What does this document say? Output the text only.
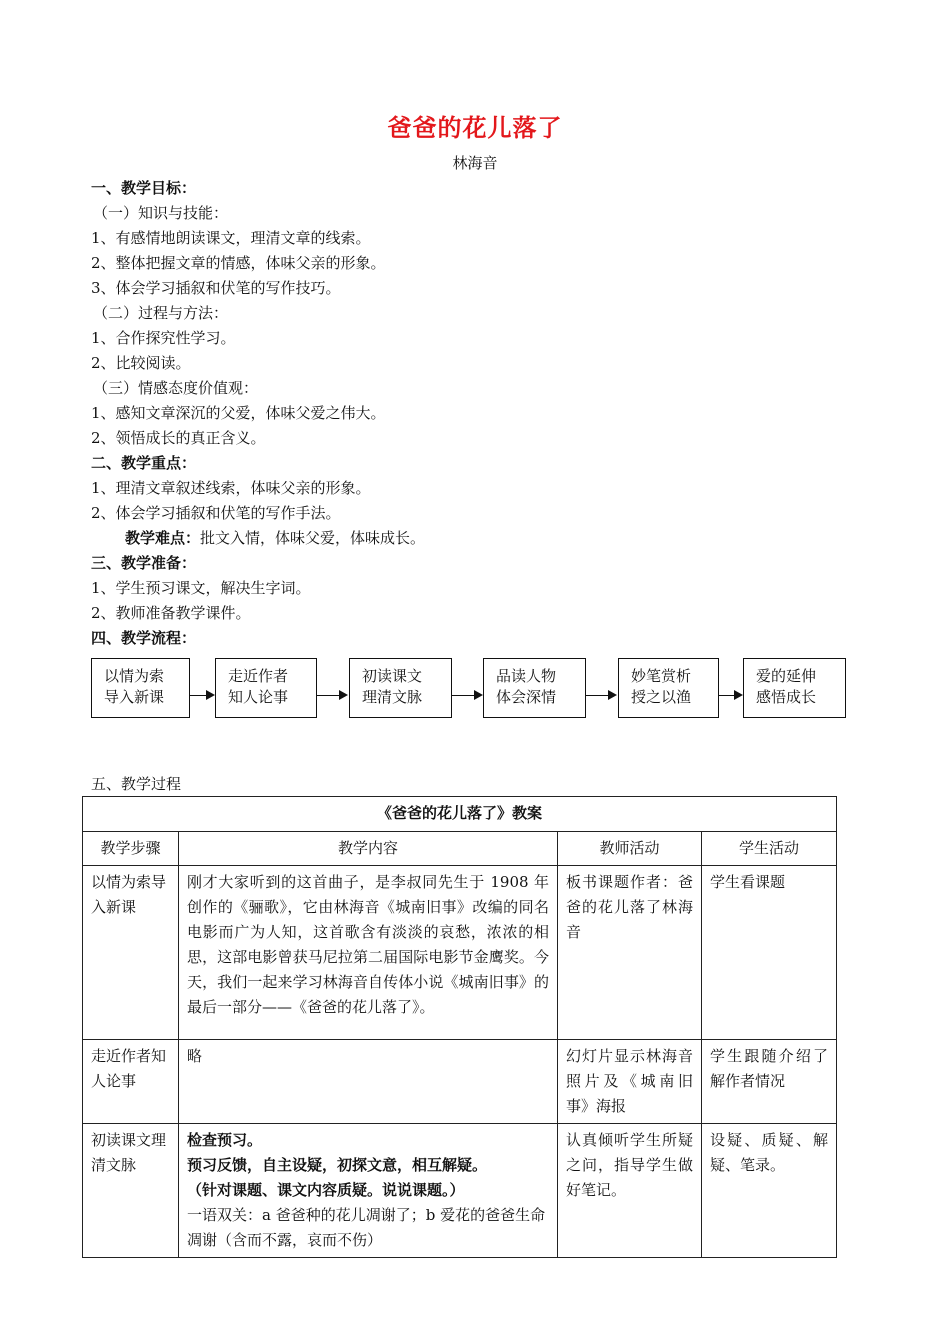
爸爸的花儿落了
林海音
一、教学目标：
（一）知识与技能：
1、有感情地朗读课文，理清文章的线索。
2、整体把握文章的情感，体味父亲的形象。
3、体会学习插叙和伏笔的写作技巧。
（二）过程与方法：
1、合作探究性学习。
2、比较阅读。
（三）情感态度价值观：
1、感知文章深沉的父爱，体味父爱之伟大。
2、领悟成长的真正含义。
二、教学重点：
1、理清文章叙述线索，体味父亲的形象。
2、体会学习插叙和伏笔的写作手法。
教学难点：批文入情，体味父爱，体味成长。
三、教学准备：
1、学生预习课文，解决生字词。
2、教师准备教学课件。
四、教学流程：
以情为索
导入新课
走近作者
知人论事
初读课文
理清文脉
品读人物
体会深情
妙笔赏析
授之以渔
爱的延伸
感悟成长
五、教学过程
《爸爸的花儿落了》教案			
教学步骤	教学内容	教师活动	学生活动
以情为索导入新课	刚才大家听到的这首曲子，是李叔同先生于 1908 年创作的《骊歌》，它由林海音《城南旧事》改编的同名电影而广为人知，这首歌含有淡淡的哀愁，浓浓的相思，这部电影曾获马尼拉第二届国际电影节金鹰奖。今天，我们一起来学习林海音自传体小说《城南旧事》的最后一部分——《爸爸的花儿落了》。	板书课题作者：爸爸的花儿落了林海音	学生看课题
走近作者知人论事	略	幻灯片显示林海音照片及《城南旧事》海报	学生跟随介绍了解作者情况
初读课文理清文脉	检查预习。
预习反馈，自主设疑，初探文意，相互解疑。
（针对课题、课文内容质疑。说说课题。）
一语双关：a 爸爸种的花儿凋谢了；b 爱花的爸爸生命凋谢（含而不露，哀而不伤）	认真倾听学生所疑之问，指导学生做好笔记。	设疑、质疑、解疑、笔录。
